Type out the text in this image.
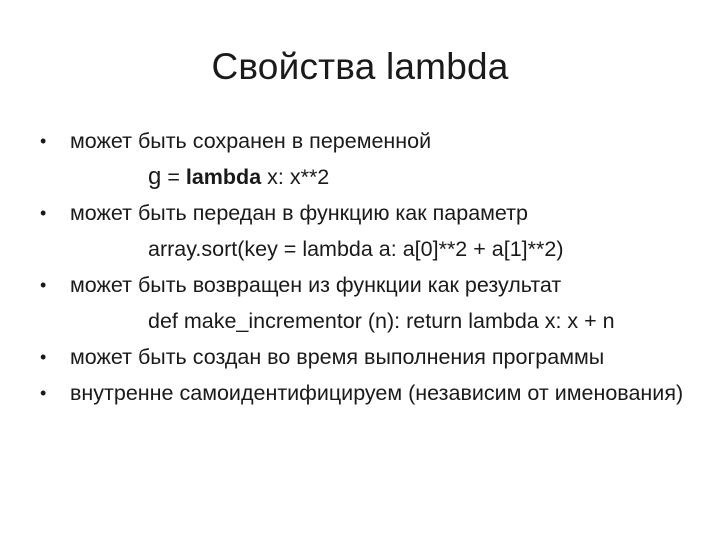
Свойства lambda
•	может быть сохранен в переменной
g = lambda x: x**2
•	может быть передан в функцию как параметр
array.sort(key = lambda a: a[0]**2 + a[1]**2)
•	может быть возвращен из функции как результат
def make_incrementor (n): return lambda x: x + n
•	может быть создан во время выполнения программы
•	внутренне самоидентифицируем (независим от именования)
